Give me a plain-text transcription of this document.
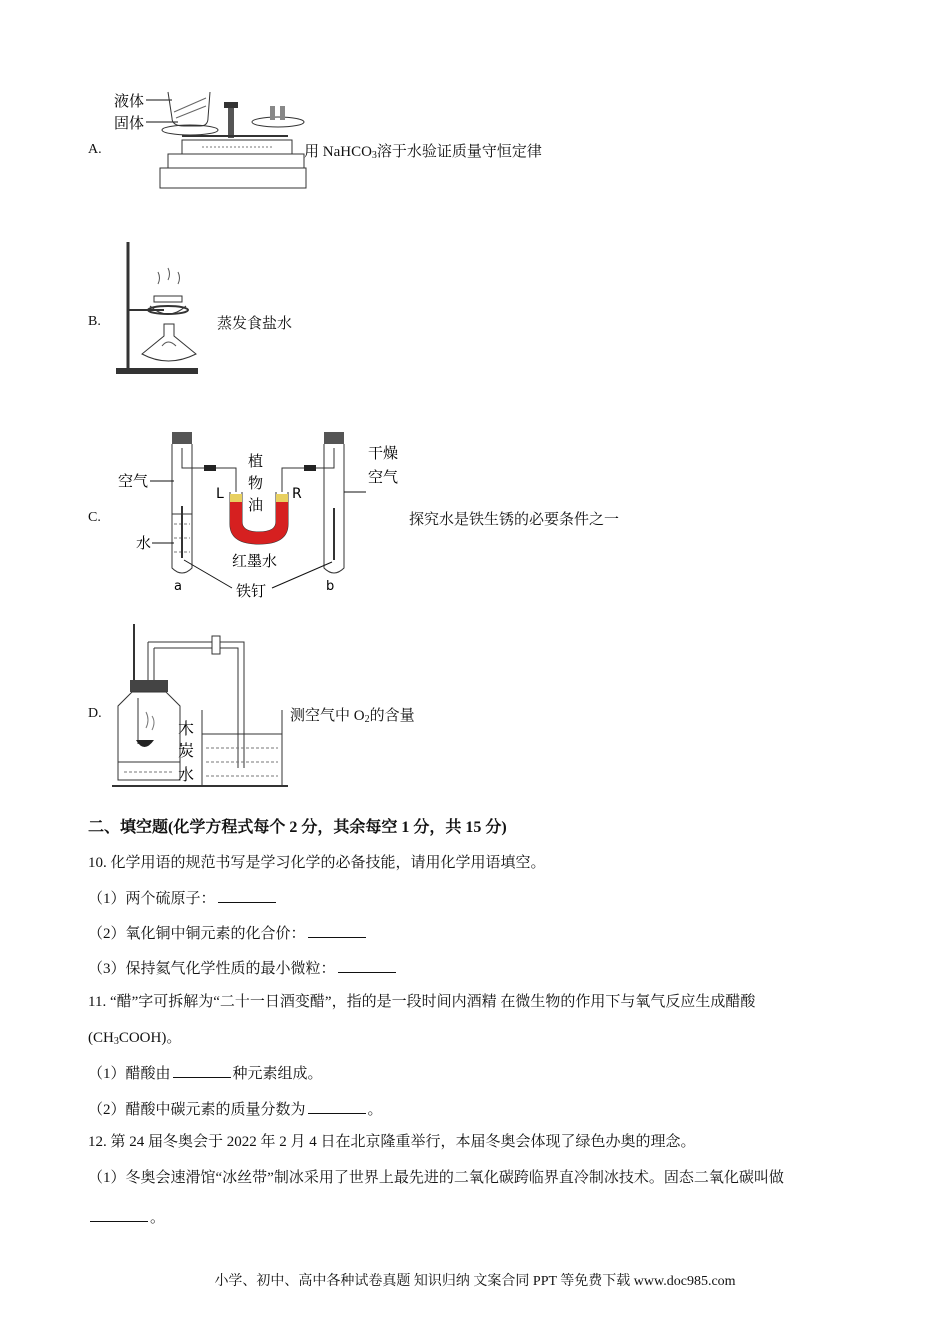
A.
液体
固体
用 NaHCO$_3$溶于水验证质量守恒定律
B.	蒸发食盐水
C.
空气
水
植
物
油
L	R
干燥
空气
红墨水
铁钉
a	b
探究水是铁生锈的必要条件之一
D.
木
炭
水
测空气中 $O_2$的含量
二、填空题(化学方程式每个 2 分，其余每空 1 分，共 15 分)
10. 化学用语的规范书写是学习化学的必备技能，请用化学用语填空。
（1）两个硫原子：
（2）氧化铜中铜元素的化合价：
（3）保持氦气化学性质的最小微粒：
11. “醋”字可拆解为“二十一日酒变醋”，指的是一段时间内酒精 在微生物的作用下与氧气反应生成醋酸
$(CH_3COOH)$。
（1）醋酸由	种元素组成。
（2）醋酸中碳元素的质量分数为	。
12. 第 24 届冬奥会于 2022 年 2 月 4 日在北京隆重举行，本届冬奥会体现了绿色办奥的理念。
（1）冬奥会速滑馆“冰丝带”制冰采用了世界上最先进的二氧化碳跨临界直冷制冰技术。固态二氧化碳叫做
。
小学、初中、高中各种试卷真题 知识归纳 文案合同 PPT 等免费下载 www.doc985.com
